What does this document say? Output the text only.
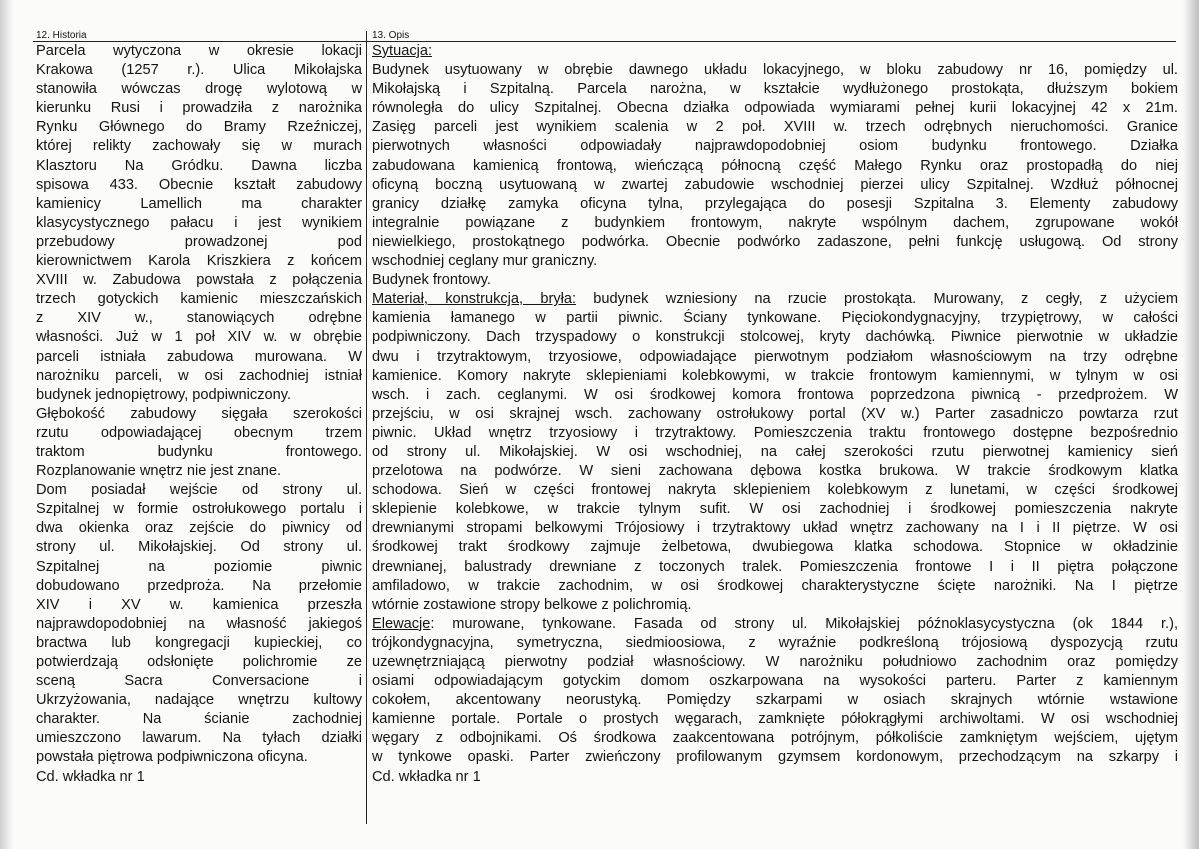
12. Historia	13. Opis
Parcela wytyczona w okresie lokacji
Krakowa (1257 r.). Ulica Mikołajska
stanowiła wówczas drogę wylotową w
kierunku Rusi i prowadziła z narożnika
Rynku Głównego do Bramy Rzeźniczej,
której relikty zachowały się w murach
Klasztoru Na Gródku. Dawna liczba
spisowa 433. Obecnie kształt zabudowy
kamienicy Lamellich ma charakter
klasycystycznego pałacu i jest wynikiem
przebudowy prowadzonej pod
kierownictwem Karola Kriszkiera z końcem
XVIII w. Zabudowa powstała z połączenia
trzech gotyckich kamienic mieszczańskich
z XIV w., stanowiących odrębne
własności. Już w 1 poł XIV w. w obrębie
parceli istniała zabudowa murowana. W
narożniku parceli, w osi zachodniej istniał
budynek jednopiętrowy, podpiwniczony.
Głębokość zabudowy sięgała szerokości
rzutu odpowiadającej obecnym trzem
traktom budynku frontowego.
Rozplanowanie wnętrz nie jest znane.
Dom posiadał wejście od strony ul.
Szpitalnej w formie ostrołukowego portalu i
dwa okienka oraz zejście do piwnicy od
strony ul. Mikołajskiej. Od strony ul.
Szpitalnej na poziomie piwnic
dobudowano przedproża. Na przełomie
XIV i XV w. kamienica przeszła
najprawdopodobniej na własność jakiegoś
bractwa lub kongregacji kupieckiej, co
potwierdzają odsłonięte polichromie ze
sceną Sacra Conversacione i
Ukrzyżowania, nadające wnętrzu kultowy
charakter. Na ścianie zachodniej
umieszczono lawarum. Na tyłach działki
powstała piętrowa podpiwniczona oficyna.
Cd. wkładka nr 1
Sytuacja:
Budynek usytuowany w obrębie dawnego układu lokacyjnego, w bloku zabudowy nr 16, pomiędzy ul.
Mikołajską i Szpitalną. Parcela narożna, w kształcie wydłużonego prostokąta, dłuższym bokiem
równoległa do ulicy Szpitalnej. Obecna działka odpowiada wymiarami pełnej kurii lokacyjnej 42 x 21m.
Zasięg parceli jest wynikiem scalenia w 2 poł. XVIII w. trzech odrębnych nieruchomości. Granice
pierwotnych własności odpowiadały najprawdopodobniej osiom budynku frontowego. Działka
zabudowana kamienicą frontową, wieńczącą północną część Małego Rynku oraz prostopadłą do niej
oficyną boczną usytuowaną w zwartej zabudowie wschodniej pierzei ulicy Szpitalnej. Wzdłuż północnej
granicy działkę zamyka oficyna tylna, przylegająca do posesji Szpitalna 3. Elementy zabudowy
integralnie powiązane z budynkiem frontowym, nakryte wspólnym dachem, zgrupowane wokół
niewielkiego, prostokątnego podwórka. Obecnie podwórko zadaszone, pełni funkcję usługową. Od strony
wschodniej ceglany mur graniczny.
Budynek frontowy.
Materiał, konstrukcja, bryła: budynek wzniesiony na rzucie prostokąta. Murowany, z cegły, z użyciem
kamienia łamanego w partii piwnic. Ściany tynkowane. Pięciokondygnacyjny, trzypiętrowy, w całości
podpiwniczony. Dach trzyspadowy o konstrukcji stolcowej, kryty dachówką. Piwnice pierwotnie w układzie
dwu i trzytraktowym, trzyosiowe, odpowiadające pierwotnym podziałom własnościowym na trzy odrębne
kamienice. Komory nakryte sklepieniami kolebkowymi, w trakcie frontowym kamiennymi, w tylnym w osi
wsch. i zach. ceglanymi. W osi środkowej komora frontowa poprzedzona piwnicą - przedprożem. W
przejściu, w osi skrajnej wsch. zachowany ostrołukowy portal (XV w.) Parter zasadniczo powtarza rzut
piwnic. Układ wnętrz trzyosiowy i trzytraktowy. Pomieszczenia traktu frontowego dostępne bezpośrednio
od strony ul. Mikołajskiej. W osi wschodniej, na całej szerokości rzutu pierwotnej kamienicy sień
przelotowa na podwórze. W sieni zachowana dębowa kostka brukowa. W trakcie środkowym klatka
schodowa. Sień w części frontowej nakryta sklepieniem kolebkowym z lunetami, w części środkowej
sklepienie kolebkowe, w trakcie tylnym sufit. W osi zachodniej i środkowej pomieszczenia nakryte
drewnianymi stropami belkowymi Trójosiowy i trzytraktowy układ wnętrz zachowany na I i II piętrze. W osi
środkowej trakt środkowy zajmuje żelbetowa, dwubiegowa klatka schodowa. Stopnice w okładzinie
drewnianej, balustrady drewniane z toczonych tralek. Pomieszczenia frontowe I i II piętra połączone
amfiladowo, w trakcie zachodnim, w osi środkowej charakterystyczne ścięte narożniki. Na I piętrze
wtórnie zostawione stropy belkowe z polichromią.
Elewacje: murowane, tynkowane. Fasada od strony ul. Mikołajskiej późnoklasycystyczna (ok 1844 r.),
trójkondygnacyjna, symetryczna, siedmioosiowa, z wyraźnie podkreśloną trójosiową dyspozycją rzutu
uzewnętrzniającą pierwotny podział własnościowy. W narożniku południowo zachodnim oraz pomiędzy
osiami odpowiadającym gotyckim domom oszkarpowana na wysokości parteru. Parter z kamiennym
cokołem, akcentowany neorustyką. Pomiędzy szkarpami w osiach skrajnych wtórnie wstawione
kamienne portale. Portale o prostych węgarach, zamknięte półokrągłymi archiwoltami. W osi wschodniej
węgary z odbojnikami. Oś środkowa zaakcentowana potrójnym, półkoliście zamkniętym wejściem, ujętym
w tynkowe opaski. Parter zwieńczony profilowanym gzymsem kordonowym, przechodzącym na szkarpy i
Cd. wkładka nr 1
